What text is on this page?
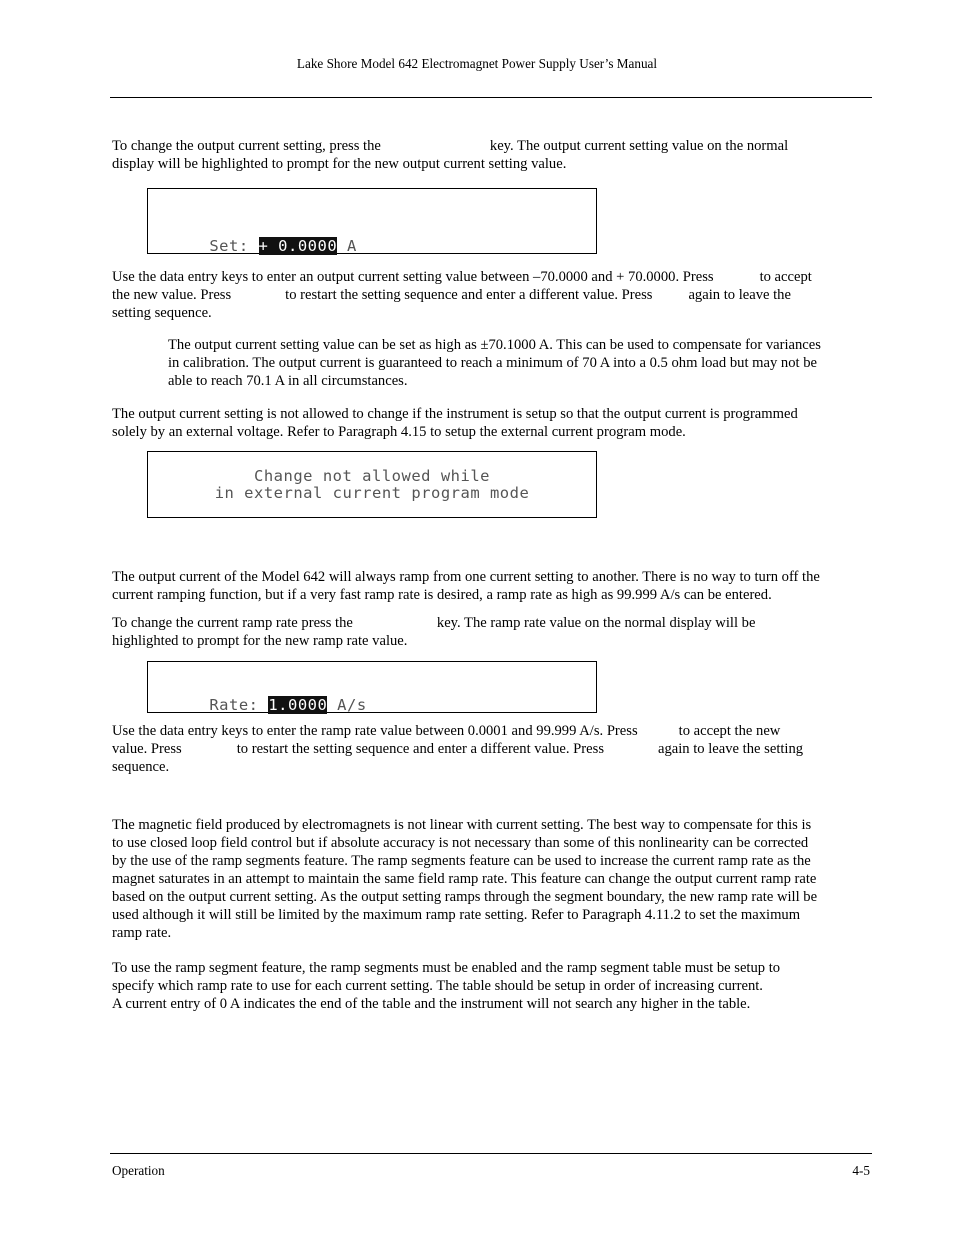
Lake Shore Model 642 Electromagnet Power Supply User’s Manual
To change the output current setting, press the	key. The output current setting value on the normal
display will be highlighted to prompt for the new output current setting value.

Set: + 0.0000 A

Use the data entry keys to enter an output current setting value between –70.0000 and + 70.0000. Press	to accept
the new value. Press	to restart the setting sequence and enter a different value. Press again to leave the
setting sequence.
The output current setting value can be set as high as ±70.1000 A. This can be used to compensate for variances
in calibration. The output current is guaranteed to reach a minimum of 70 A into a 0.5 ohm load but may not be
able to reach 70.1 A in all circumstances.
The output current setting is not allowed to change if the instrument is setup so that the output current is programmed
solely by an external voltage. Refer to Paragraph 4.15 to setup the external current program mode.
Change not allowed while
in external current program mode
The output current of the Model 642 will always ramp from one current setting to another. There is no way to turn off the
current ramping function, but if a very fast ramp rate is desired, a ramp rate as high as 99.999 A/s can be entered.
To change the current ramp rate press the	key. The ramp rate value on the normal display will be
highlighted to prompt for the new ramp rate value.

Rate: 1.0000 A/s

Use the data entry keys to enter the ramp rate value between 0.0001 and 99.999 A/s. Press	to accept the new
value. Press	to restart the setting sequence and enter a different value. Press	again to leave the setting
sequence.
The magnetic field produced by electromagnets is not linear with current setting. The best way to compensate for this is
to use closed loop field control but if absolute accuracy is not necessary than some of this nonlinearity can be corrected
by the use of the ramp segments feature. The ramp segments feature can be used to increase the current ramp rate as the
magnet saturates in an attempt to maintain the same field ramp rate. This feature can change the output current ramp rate
based on the output current setting. As the output setting ramps through the segment boundary, the new ramp rate will be
used although it will still be limited by the maximum ramp rate setting. Refer to Paragraph 4.11.2 to set the maximum
ramp rate.
To use the ramp segment feature, the ramp segments must be enabled and the ramp segment table must be setup to
specify which ramp rate to use for each current setting. The table should be setup in order of increasing current.
A current entry of 0 A indicates the end of the table and the instrument will not search any higher in the table.
Operation	4-5
